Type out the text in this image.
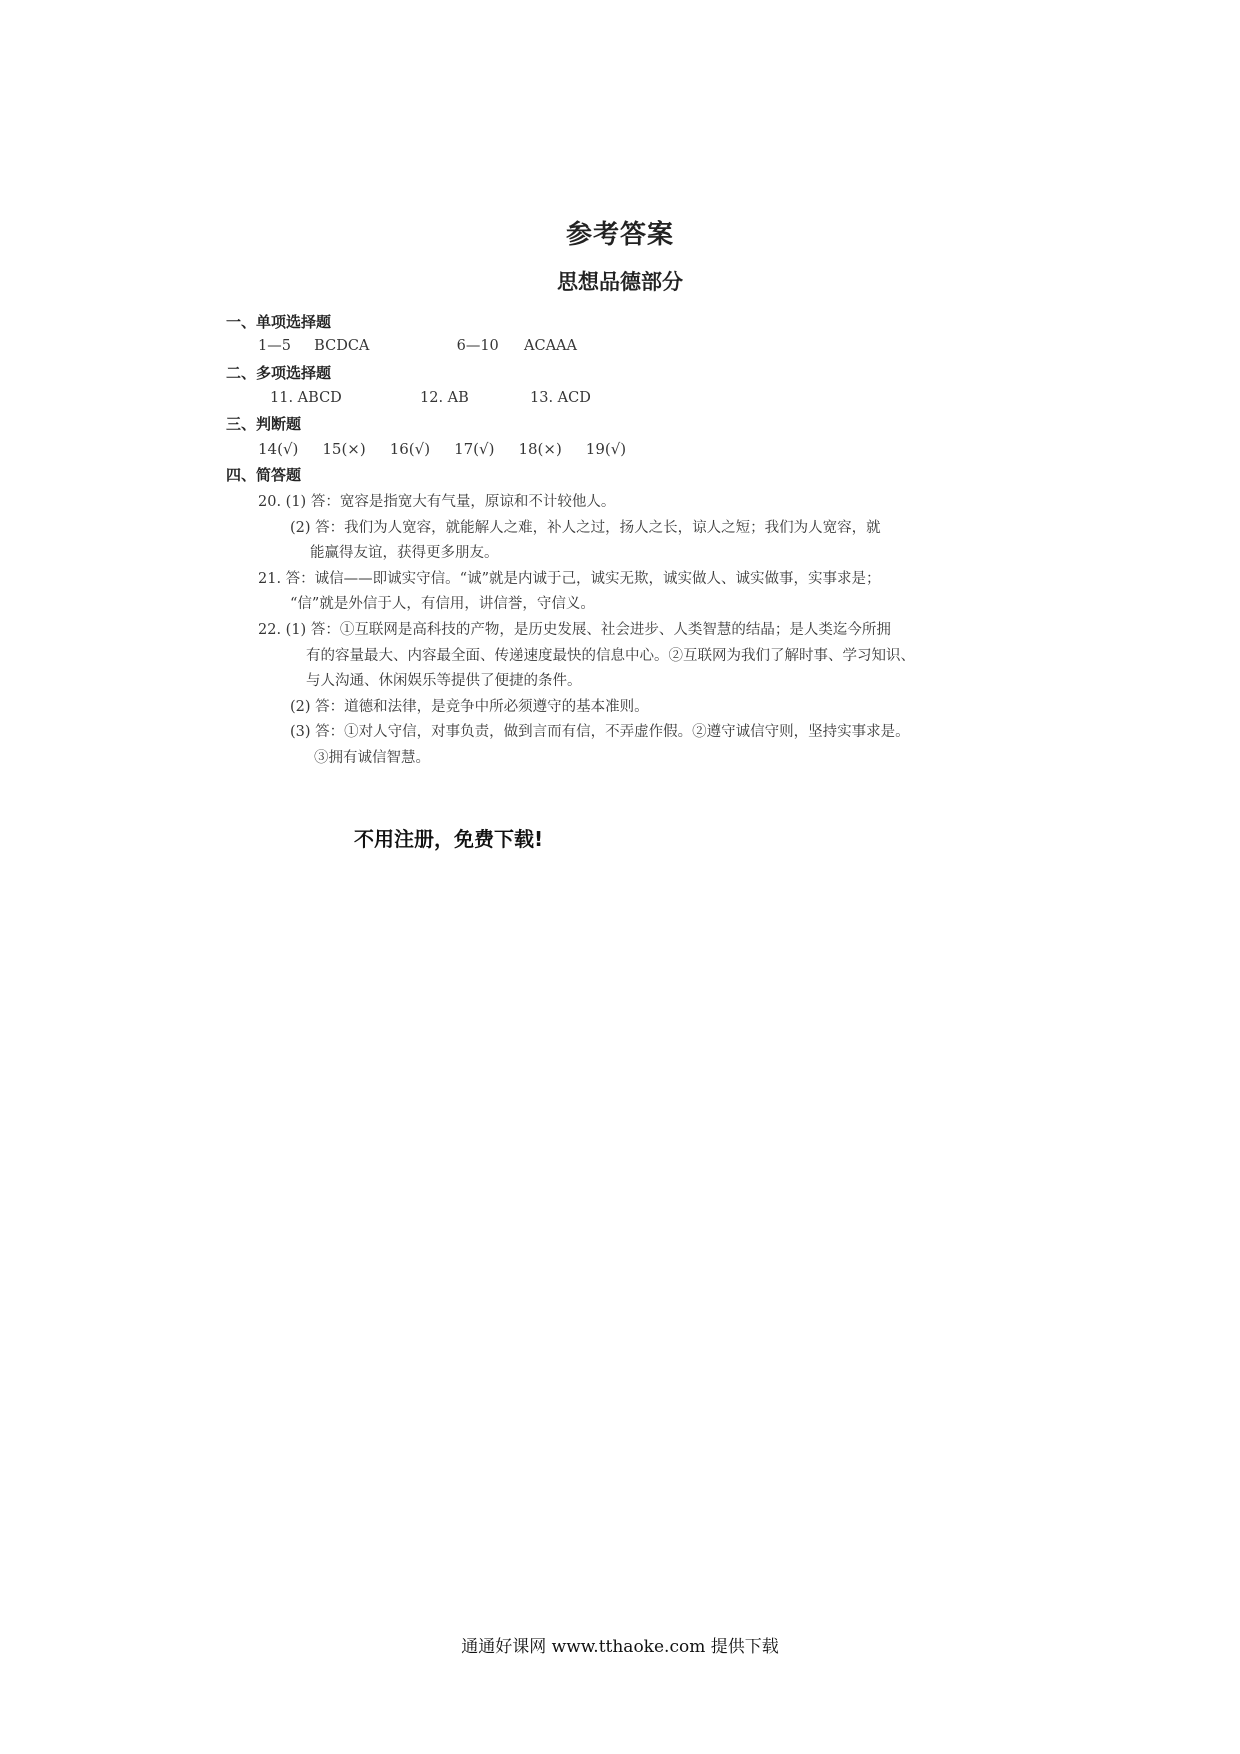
参考答案
思想品德部分
一、单项选择题
1—5 BCDCA	6—10 ACAAA
二、多项选择题
11. ABCD	12. AB	13. ACD
三、判断题
14(√) 15(×) 16(√) 17(√) 18(×) 19(√)
四、简答题
20. (1) 答：宽容是指宽大有气量，原谅和不计较他人。
(2) 答：我们为人宽容，就能解人之难，补人之过，扬人之长，谅人之短；我们为人宽容，就
能赢得友谊，获得更多朋友。
21. 答：诚信——即诚实守信。“诚”就是内诚于己，诚实无欺，诚实做人、诚实做事，实事求是；
“信”就是外信于人，有信用，讲信誉，守信义。
22. (1) 答：①互联网是高科技的产物，是历史发展、社会进步、人类智慧的结晶；是人类迄今所拥
有的容量最大、内容最全面、传递速度最快的信息中心。②互联网为我们了解时事、学习知识、
与人沟通、休闲娱乐等提供了便捷的条件。
(2) 答：道德和法律，是竞争中所必须遵守的基本准则。
(3) 答：①对人守信，对事负责，做到言而有信，不弄虚作假。②遵守诚信守则，坚持实事求是。
③拥有诚信智慧。
不用注册，免费下载!
通通好课网 www.tthaoke.com 提供下载
